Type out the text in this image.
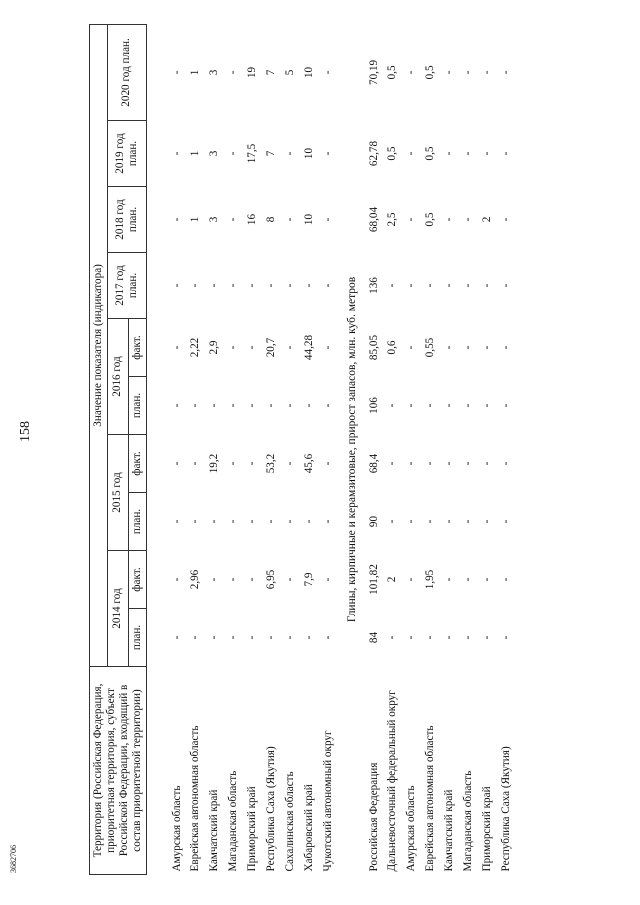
158
3682706
Территория (Российская Федерация, приоритетная территория, субъект Российской Федерации, входящий в состав приоритетной территории)	Значение показателя (индикатора)									
	2014 год		2015 год		2016 год		2017 год план.	2018 год план.	2019 год план.	2020 год план.
	план.	факт.	план.	факт.	план.	факт.				

Амурская область	-	-	-	-	-	-	-	-	-	-
Еврейская автономная область	-	2,96	-	-	-	2,22	-	1	1	1
Камчатский край	-	-	-	19,2	-	2,9	-	3	3	3
Магаданская область	-	-	-	-	-	-	-	-	-	-
Приморский край	-	-	-	-	-	-	-	16	17,5	19
Республика Саха (Якутия)	-	6,95	-	53,2	-	20,7	-	8	7	7
Сахалинская область	-	-	-	-	-	-	-	-	-	5
Хабаровский край	-	7,9	-	45,6	-	44,28	-	10	10	10
Чукотский автономный округ	-	-	-	-	-	-	-	-	-	-
Глины, кирпичные и керамзитовые, прирост запасов, млн. куб. метров										
Российская Федерация	84	101,82	90	68,4	106	85,05	136	68,04	62,78	70,19
Дальневосточный федеральный округ	-	2	-	-	-	0,6	-	2,5	0,5	0,5
Амурская область	-	-	-	-	-	-	-	-	-	-
Еврейская автономная область	-	1,95	-	-	-	0,55	-	0,5	0,5	0,5
Камчатский край	-	-	-	-	-	-	-	-	-	-
Магаданская область	-	-	-	-	-	-	-	-	-	-
Приморский край	-	-	-	-	-	-	-	2	-	-
Республика Саха (Якутия)	-	-	-	-	-	-	-	-	-	-
